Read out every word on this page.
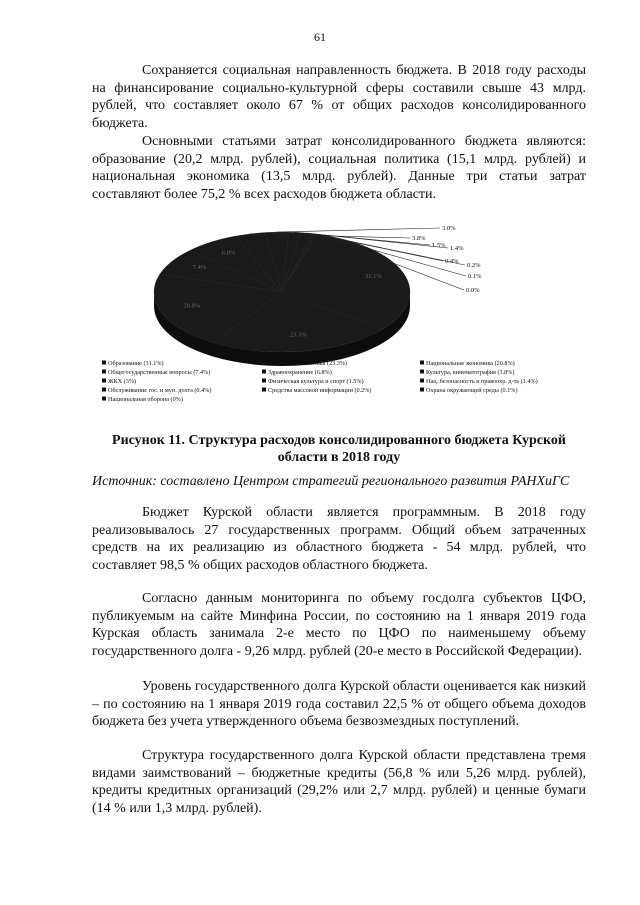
61

Сохраняется социальная направленность бюджета. В 2018 году расходы на финансирование социально-культурной сферы составили свыше 43 млрд. рублей, что составляет около 67 % от общих расходов консолидированного бюджета.

Основными статьями затрат консолидированного бюджета являются: образование (20,2 млрд. рублей), социальная политика (15,1 млрд. рублей) и национальная экономика (13,5 млрд. рублей). Данные три статьи затрат составляют более 75,2 % всех расходов бюджета области.

31.1%
23.3%
20.8%
7.4%
6.8%
3.8%
3.0%
1.5% 1.4%
0.4%
0.2%
0.1%
0.0%
Образование (31.1%)	Социальная политика (23.3%)	Национальная экономика (20.8%)
Общегосударственные вопросы (7.4%)	Здравоохранение (6.8%)	Культура, кинематография (3.8%)
ЖКХ (3%)	Физическая культура и спорт (1.5%)	Нац. безопасность и правоохр. д-ть (1.4%)
Обслуживание гос. и мун. долга (0.4%)	Средства массовой информации (0.2%)	Охрана окружающей среды (0.1%)
Национальная оборона (0%)

Рисунок 11. Структура расходов консолидированного бюджета Курской области в 2018 году

Источник: составлено Центром стратегий регионального развития РАНХиГС

Бюджет Курской области является программным. В 2018 году реализовывалось 27 государственных программ. Общий объем затраченных средств на их реализацию из областного бюджета - 54 млрд. рублей, что составляет 98,5 % общих расходов областного бюджета.

Согласно данным мониторинга по объему госдолга субъектов ЦФО, публикуемым на сайте Минфина России, по состоянию на 1 января 2019 года Курская область занимала 2-е место по ЦФО по наименьшему объему государственного долга - 9,26 млрд. рублей (20-е место в Российской Федерации).

Уровень государственного долга Курской области оценивается как низкий – по состоянию на 1 января 2019 года составил 22,5 % от общего объема доходов бюджета без учета утвержденного объема безвозмездных поступлений.

Структура государственного долга Курской области представлена тремя видами заимствований – бюджетные кредиты (56,8 % или 5,26 млрд. рублей), кредиты кредитных организаций (29,2% или 2,7 млрд. рублей) и ценные бумаги (14 % или 1,3 млрд. рублей).
